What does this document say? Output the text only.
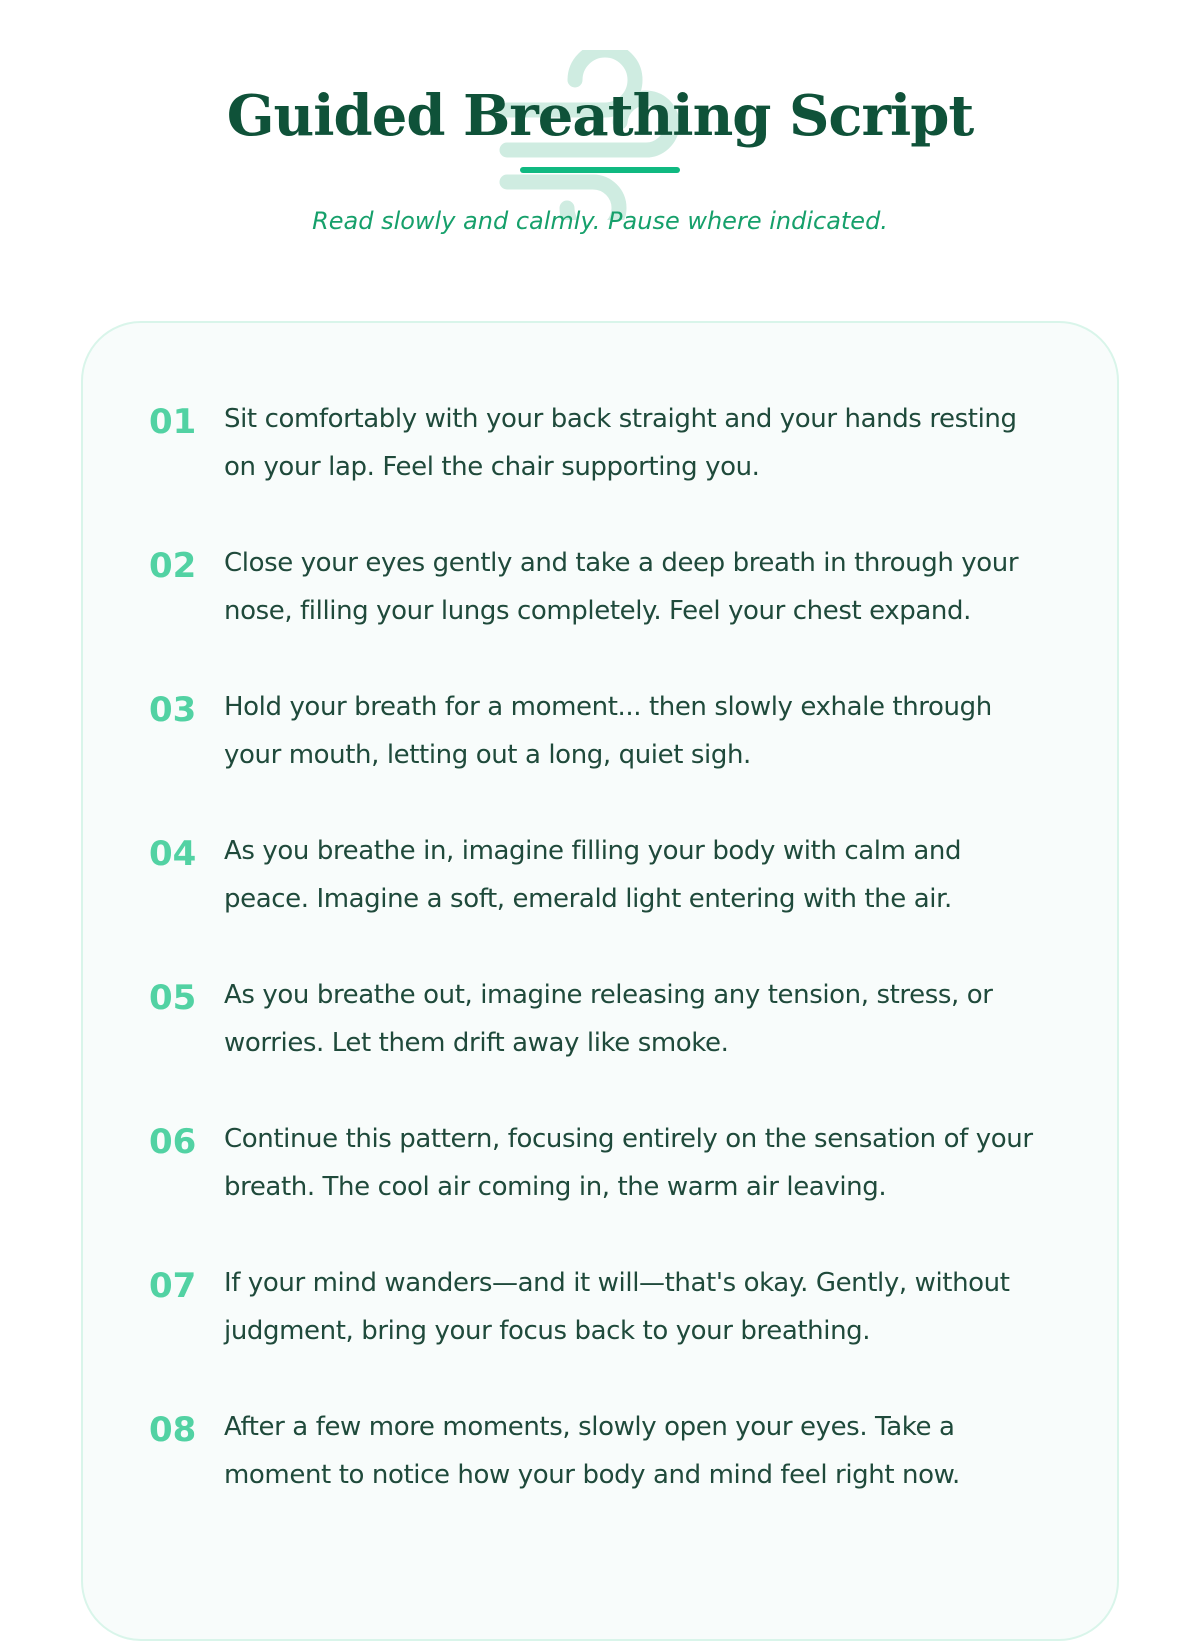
Guided Breathing Script
Read slowly and calmly. Pause where indicated.
01	Sit comfortably with your back straight and your hands resting on your lap. Feel the chair supporting you.

02	Close your eyes gently and take a deep breath in through your nose, filling your lungs completely. Feel your chest expand.

03	Hold your breath for a moment... then slowly exhale through your mouth, letting out a long, quiet sigh.

04	As you breathe in, imagine filling your body with calm and peace. Imagine a soft, emerald light entering with the air.

05	As you breathe out, imagine releasing any tension, stress, or worries. Let them drift away like smoke.

06	Continue this pattern, focusing entirely on the sensation of your breath. The cool air coming in, the warm air leaving.

07	If your mind wanders—and it will—that's okay. Gently, without judgment, bring your focus back to your breathing.

08	After a few more moments, slowly open your eyes. Take a moment to notice how your body and mind feel right now.
